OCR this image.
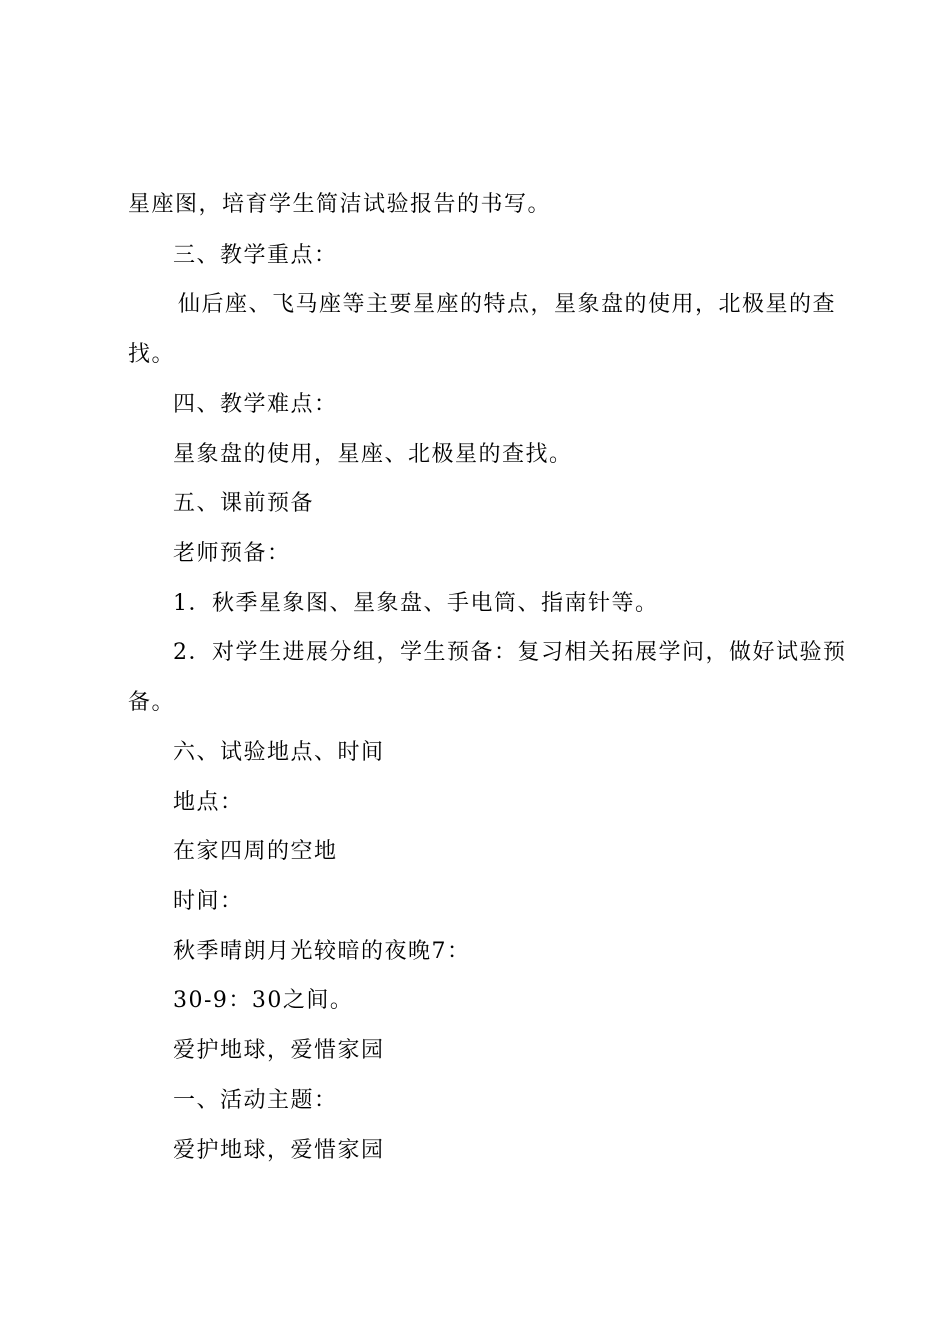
星座图，培育学生简洁试验报告的书写。
三、教学重点：
仙后座、飞马座等主要星座的特点，星象盘的使用，北极星的查
找。
四、教学难点：
星象盘的使用，星座、北极星的查找。
五、课前预备
老师预备：
1．秋季星象图、星象盘、手电筒、指南针等。
2．对学生进展分组，学生预备：复习相关拓展学问，做好试验预
备。
六、试验地点、时间
地点：
在家四周的空地
时间：
秋季晴朗月光较暗的夜晚7：
30-9：30之间。
爱护地球，爱惜家园
一、活动主题：
爱护地球，爱惜家园
